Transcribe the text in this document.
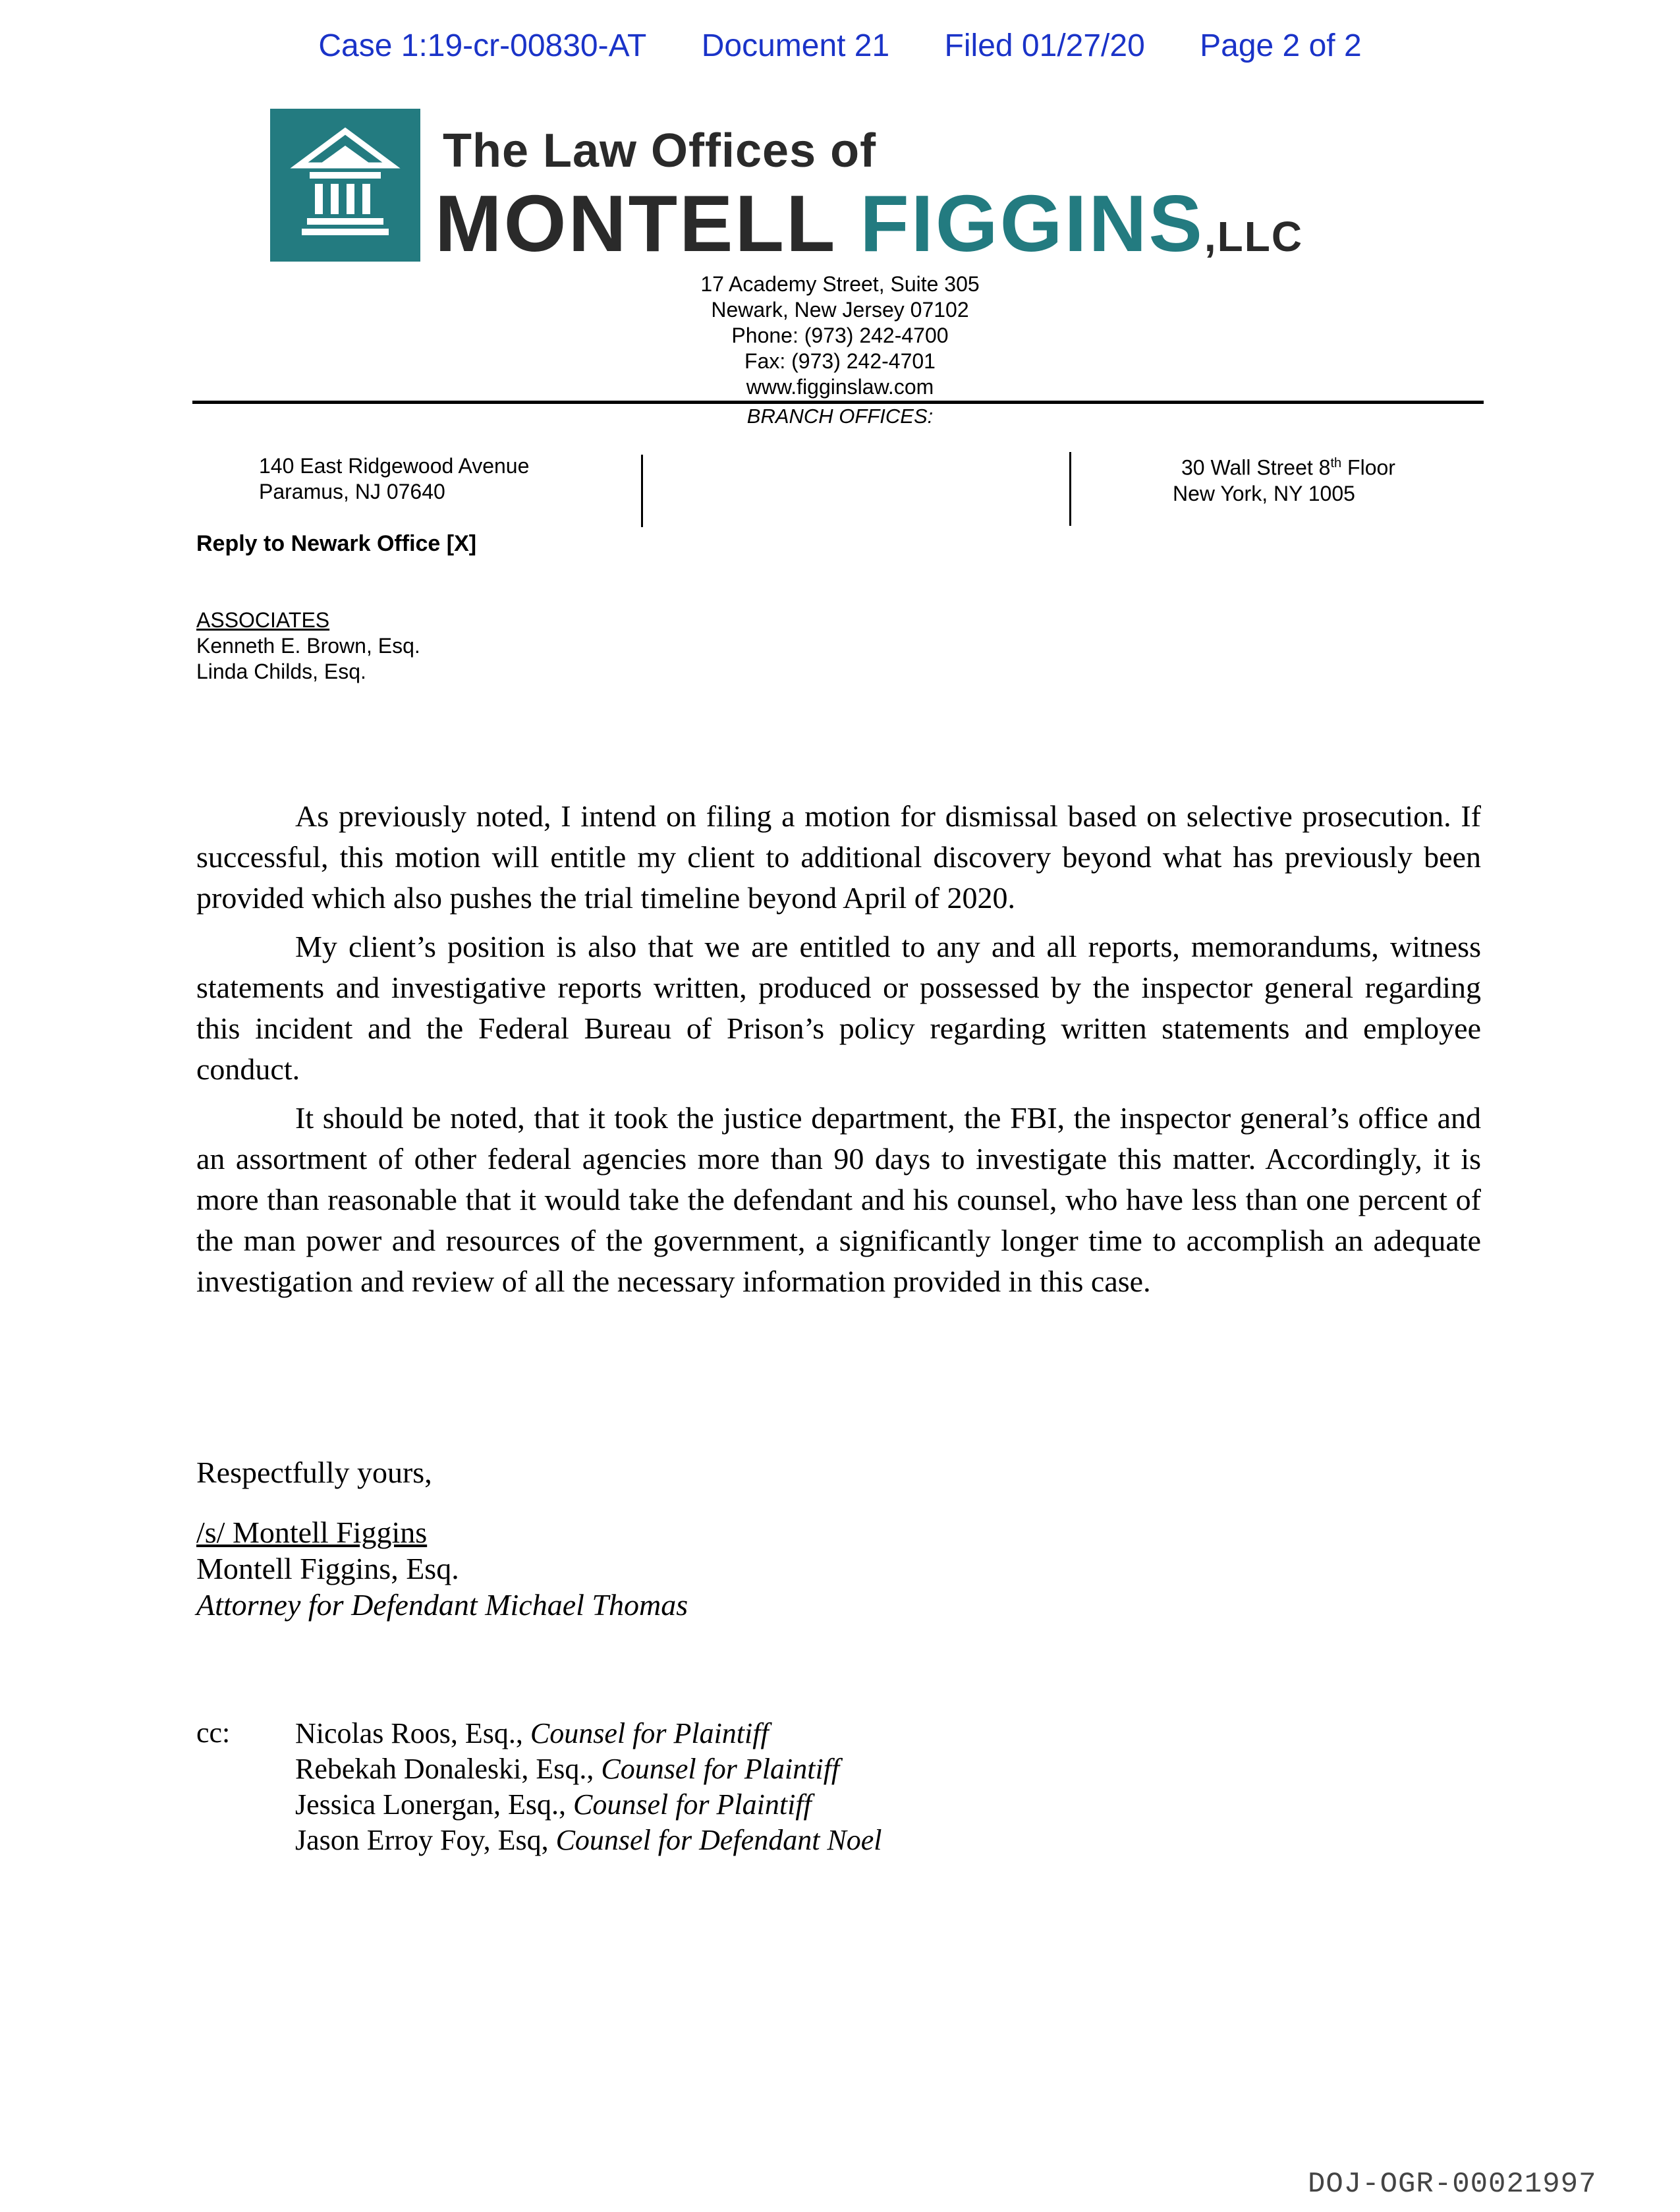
Case 1:19-cr-00830-AT Document 21 Filed 01/27/20 Page 2 of 2
The Law Offices of
MONTELL FIGGINS,LLC
17 Academy Street, Suite 305
Newark, New Jersey 07102
Phone: (973) 242-4700
Fax: (973) 242-4701
www.figginslaw.com
BRANCH OFFICES:
140 East Ridgewood Avenue
Paramus, NJ 07640
30 Wall Street 8th Floor
New York, NY 1005
Reply to Newark Office [X]
ASSOCIATES
Kenneth E. Brown, Esq.
Linda Childs, Esq.

As previously noted, I intend on filing a motion for dismissal based on selective prosecution. If successful, this motion will entitle my client to additional discovery beyond what has previously been provided which also pushes the trial timeline beyond April of 2020.

My client’s position is also that we are entitled to any and all reports, memorandums, witness statements and investigative reports written, produced or possessed by the inspector general regarding this incident and the Federal Bureau of Prison’s policy regarding written statements and employee conduct.

It should be noted, that it took the justice department, the FBI, the inspector general’s office and an assortment of other federal agencies more than 90 days to investigate this matter. Accordingly, it is more than reasonable that it would take the defendant and his counsel, who have less than one percent of the man power and resources of the government, a significantly longer time to accomplish an adequate investigation and review of all the necessary information provided in this case.

Respectfully yours,
/s/ Montell Figgins
Montell Figgins, Esq.
Attorney for Defendant Michael Thomas
cc: Nicolas Roos, Esq., Counsel for Plaintiff
Rebekah Donaleski, Esq., Counsel for Plaintiff
Jessica Lonergan, Esq., Counsel for Plaintiff
Jason Erroy Foy, Esq, Counsel for Defendant Noel
DOJ-OGR-00021997
